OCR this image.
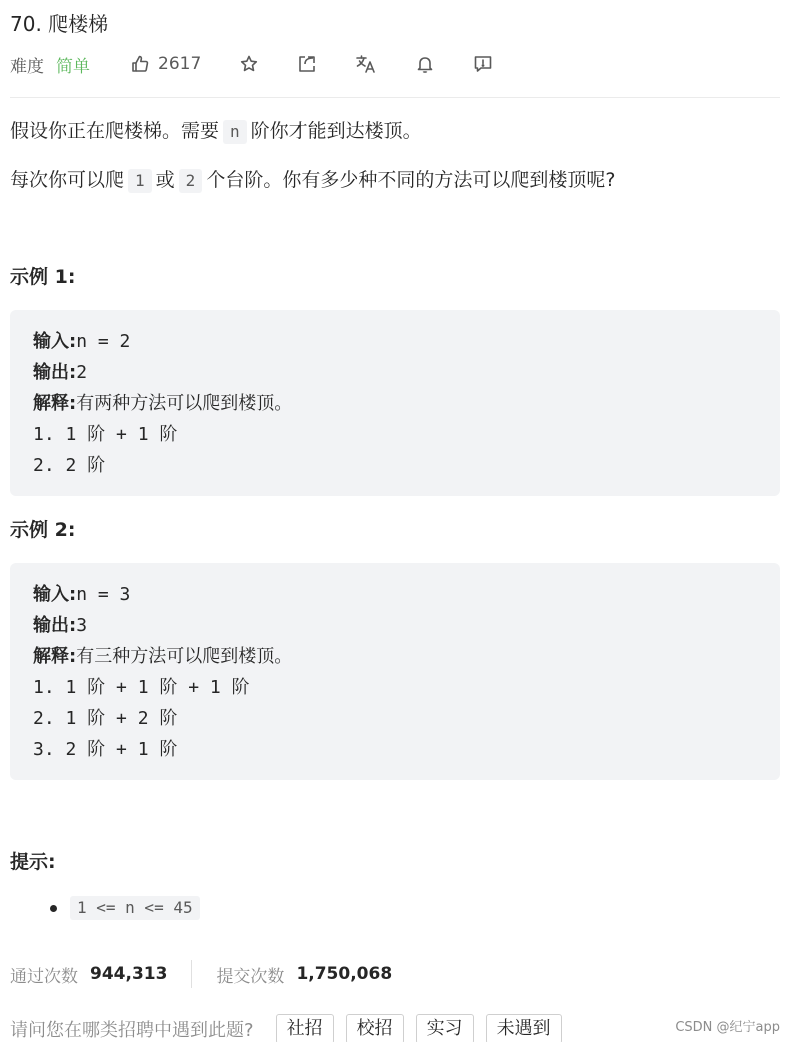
70. 爬楼梯
难度 简单	2617
假设你正在爬楼梯。需要 n 阶你才能到达楼顶。
每次你可以爬 1 或 2 个台阶。你有多少种不同的方法可以爬到楼顶呢?
示例 1:
输入:n = 2
输出:2
解释:有两种方法可以爬到楼顶。
1. 1 阶 + 1 阶
2. 2 阶
示例 2:
输入:n = 3
输出:3
解释:有三种方法可以爬到楼顶。
1. 1 阶 + 1 阶 + 1 阶
2. 1 阶 + 2 阶
3. 2 阶 + 1 阶
提示:
1 <= n <= 45
通过次数 944,313	提交次数 1,750,068
请问您在哪类招聘中遇到此题?	社招	校招	实习	未遇到	CSDN @纪宁app
